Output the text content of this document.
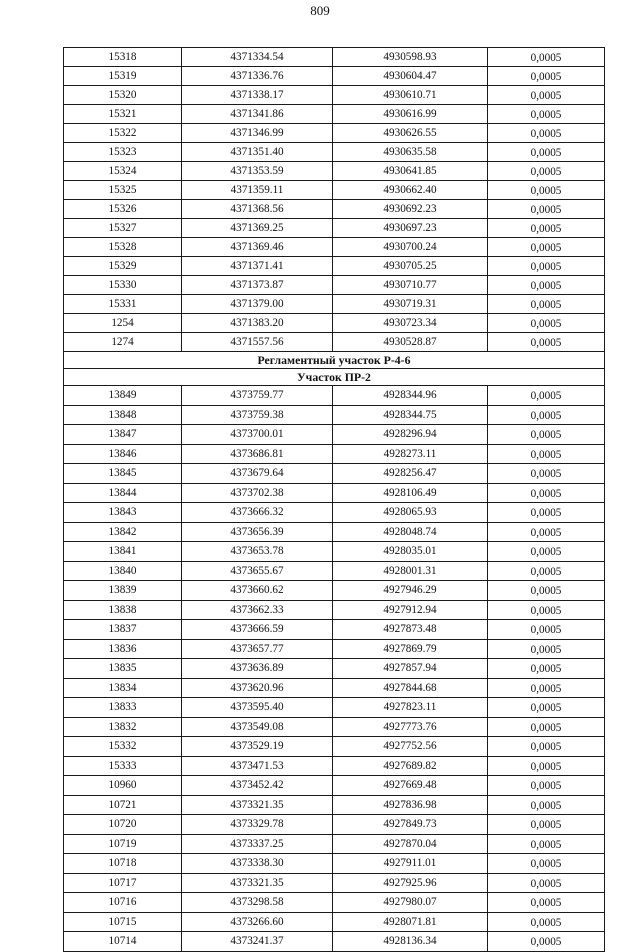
809
15318	4371334.54	4930598.93	0,0005
15319	4371336.76	4930604.47	0,0005
15320	4371338.17	4930610.71	0,0005
15321	4371341.86	4930616.99	0,0005
15322	4371346.99	4930626.55	0,0005
15323	4371351.40	4930635.58	0,0005
15324	4371353.59	4930641.85	0,0005
15325	4371359.11	4930662.40	0,0005
15326	4371368.56	4930692.23	0,0005
15327	4371369.25	4930697.23	0,0005
15328	4371369.46	4930700.24	0,0005
15329	4371371.41	4930705.25	0,0005
15330	4371373.87	4930710.77	0,0005
15331	4371379.00	4930719.31	0,0005
1254	4371383.20	4930723.34	0,0005
1274	4371557.56	4930528.87	0,0005
Регламентный участок Р-4-6			
Участок ПР-2			
13849	4373759.77	4928344.96	0,0005
13848	4373759.38	4928344.75	0,0005
13847	4373700.01	4928296.94	0,0005
13846	4373686.81	4928273.11	0,0005
13845	4373679.64	4928256.47	0,0005
13844	4373702.38	4928106.49	0,0005
13843	4373666.32	4928065.93	0,0005
13842	4373656.39	4928048.74	0,0005
13841	4373653.78	4928035.01	0,0005
13840	4373655.67	4928001.31	0,0005
13839	4373660.62	4927946.29	0,0005
13838	4373662.33	4927912.94	0,0005
13837	4373666.59	4927873.48	0,0005
13836	4373657.77	4927869.79	0,0005
13835	4373636.89	4927857.94	0,0005
13834	4373620.96	4927844.68	0,0005
13833	4373595.40	4927823.11	0,0005
13832	4373549.08	4927773.76	0,0005
15332	4373529.19	4927752.56	0,0005
15333	4373471.53	4927689.82	0,0005
10960	4373452.42	4927669.48	0,0005
10721	4373321.35	4927836.98	0,0005
10720	4373329.78	4927849.73	0,0005
10719	4373337.25	4927870.04	0,0005
10718	4373338.30	4927911.01	0,0005
10717	4373321.35	4927925.96	0,0005
10716	4373298.58	4927980.07	0,0005
10715	4373266.60	4928071.81	0,0005
10714	4373241.37	4928136.34	0,0005
